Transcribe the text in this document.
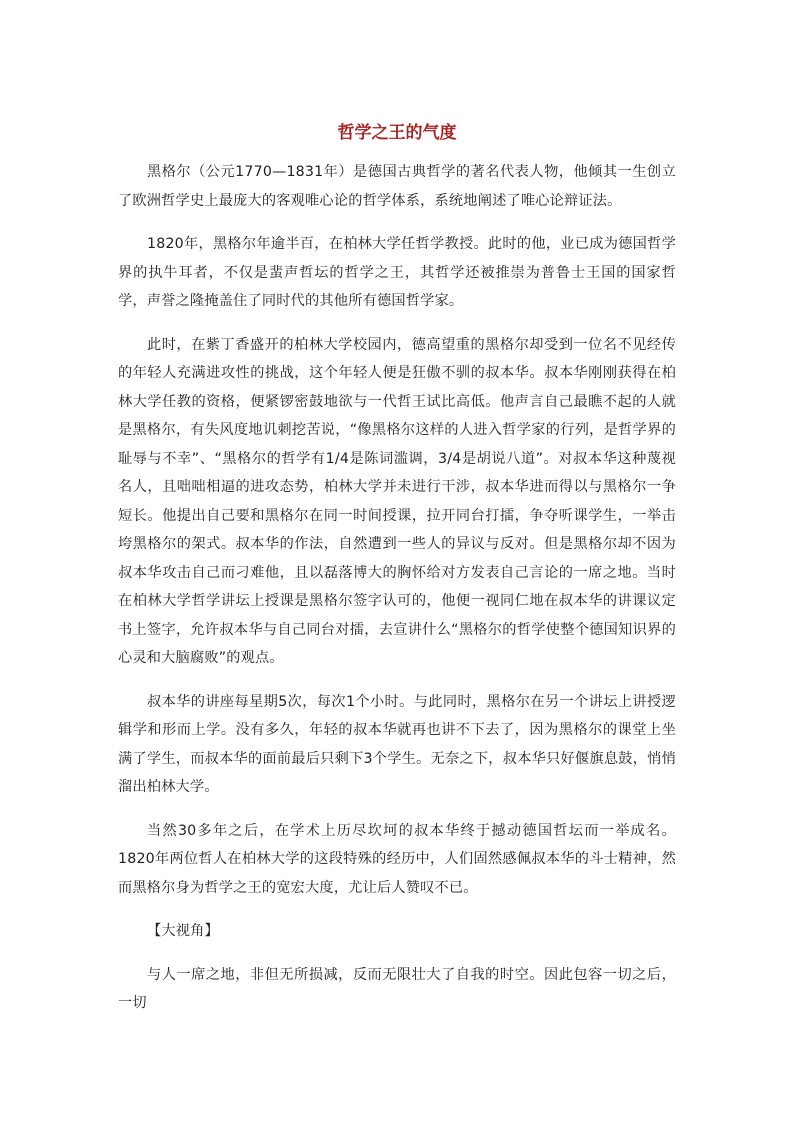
哲学之王的气度

黑格尔（公元1770—1831年）是德国古典哲学的著名代表人物，他倾其一生创立了欧洲哲学史上最庞大的客观唯心论的哲学体系，系统地阐述了唯心论辩证法。

1820年，黑格尔年逾半百，在柏林大学任哲学教授。此时的他，业已成为德国哲学界的执牛耳者，不仅是蜚声哲坛的哲学之王，其哲学还被推崇为普鲁士王国的国家哲学，声誉之隆掩盖住了同时代的其他所有德国哲学家。

此时，在紫丁香盛开的柏林大学校园内，德高望重的黑格尔却受到一位名不见经传的年轻人充满进攻性的挑战，这个年轻人便是狂傲不驯的叔本华。叔本华刚刚获得在柏林大学任教的资格，便紧锣密鼓地欲与一代哲王试比高低。他声言自己最瞧不起的人就是黑格尔，有失风度地讥刺挖苦说，“像黑格尔这样的人进入哲学家的行列，是哲学界的耻辱与不幸”、“黑格尔的哲学有1/4是陈词滥调，3/4是胡说八道”。对叔本华这种蔑视名人，且咄咄相逼的进攻态势，柏林大学并未进行干涉，叔本华进而得以与黑格尔一争短长。他提出自己要和黑格尔在同一时间授课，拉开同台打擂，争夺听课学生，一举击垮黑格尔的架式。叔本华的作法，自然遭到一些人的异议与反对。但是黑格尔却不因为叔本华攻击自己而刁难他，且以磊落博大的胸怀给对方发表自己言论的一席之地。当时在柏林大学哲学讲坛上授课是黑格尔签字认可的，他便一视同仁地在叔本华的讲课议定书上签字，允许叔本华与自己同台对擂，去宣讲什么“黑格尔的哲学使整个德国知识界的心灵和大脑腐败”的观点。

叔本华的讲座每星期5次，每次1个小时。与此同时，黑格尔在另一个讲坛上讲授逻辑学和形而上学。没有多久，年轻的叔本华就再也讲不下去了，因为黑格尔的课堂上坐满了学生，而叔本华的面前最后只剩下3个学生。无奈之下，叔本华只好偃旗息鼓，悄悄溜出柏林大学。

当然30多年之后，在学术上历尽坎坷的叔本华终于撼动德国哲坛而一举成名。1820年两位哲人在柏林大学的这段特殊的经历中，人们固然感佩叔本华的斗士精神，然而黑格尔身为哲学之王的宽宏大度，尤让后人赞叹不已。

【大视角】

与人一席之地，非但无所损减，反而无限壮大了自我的时空。因此包容一切之后，一切
